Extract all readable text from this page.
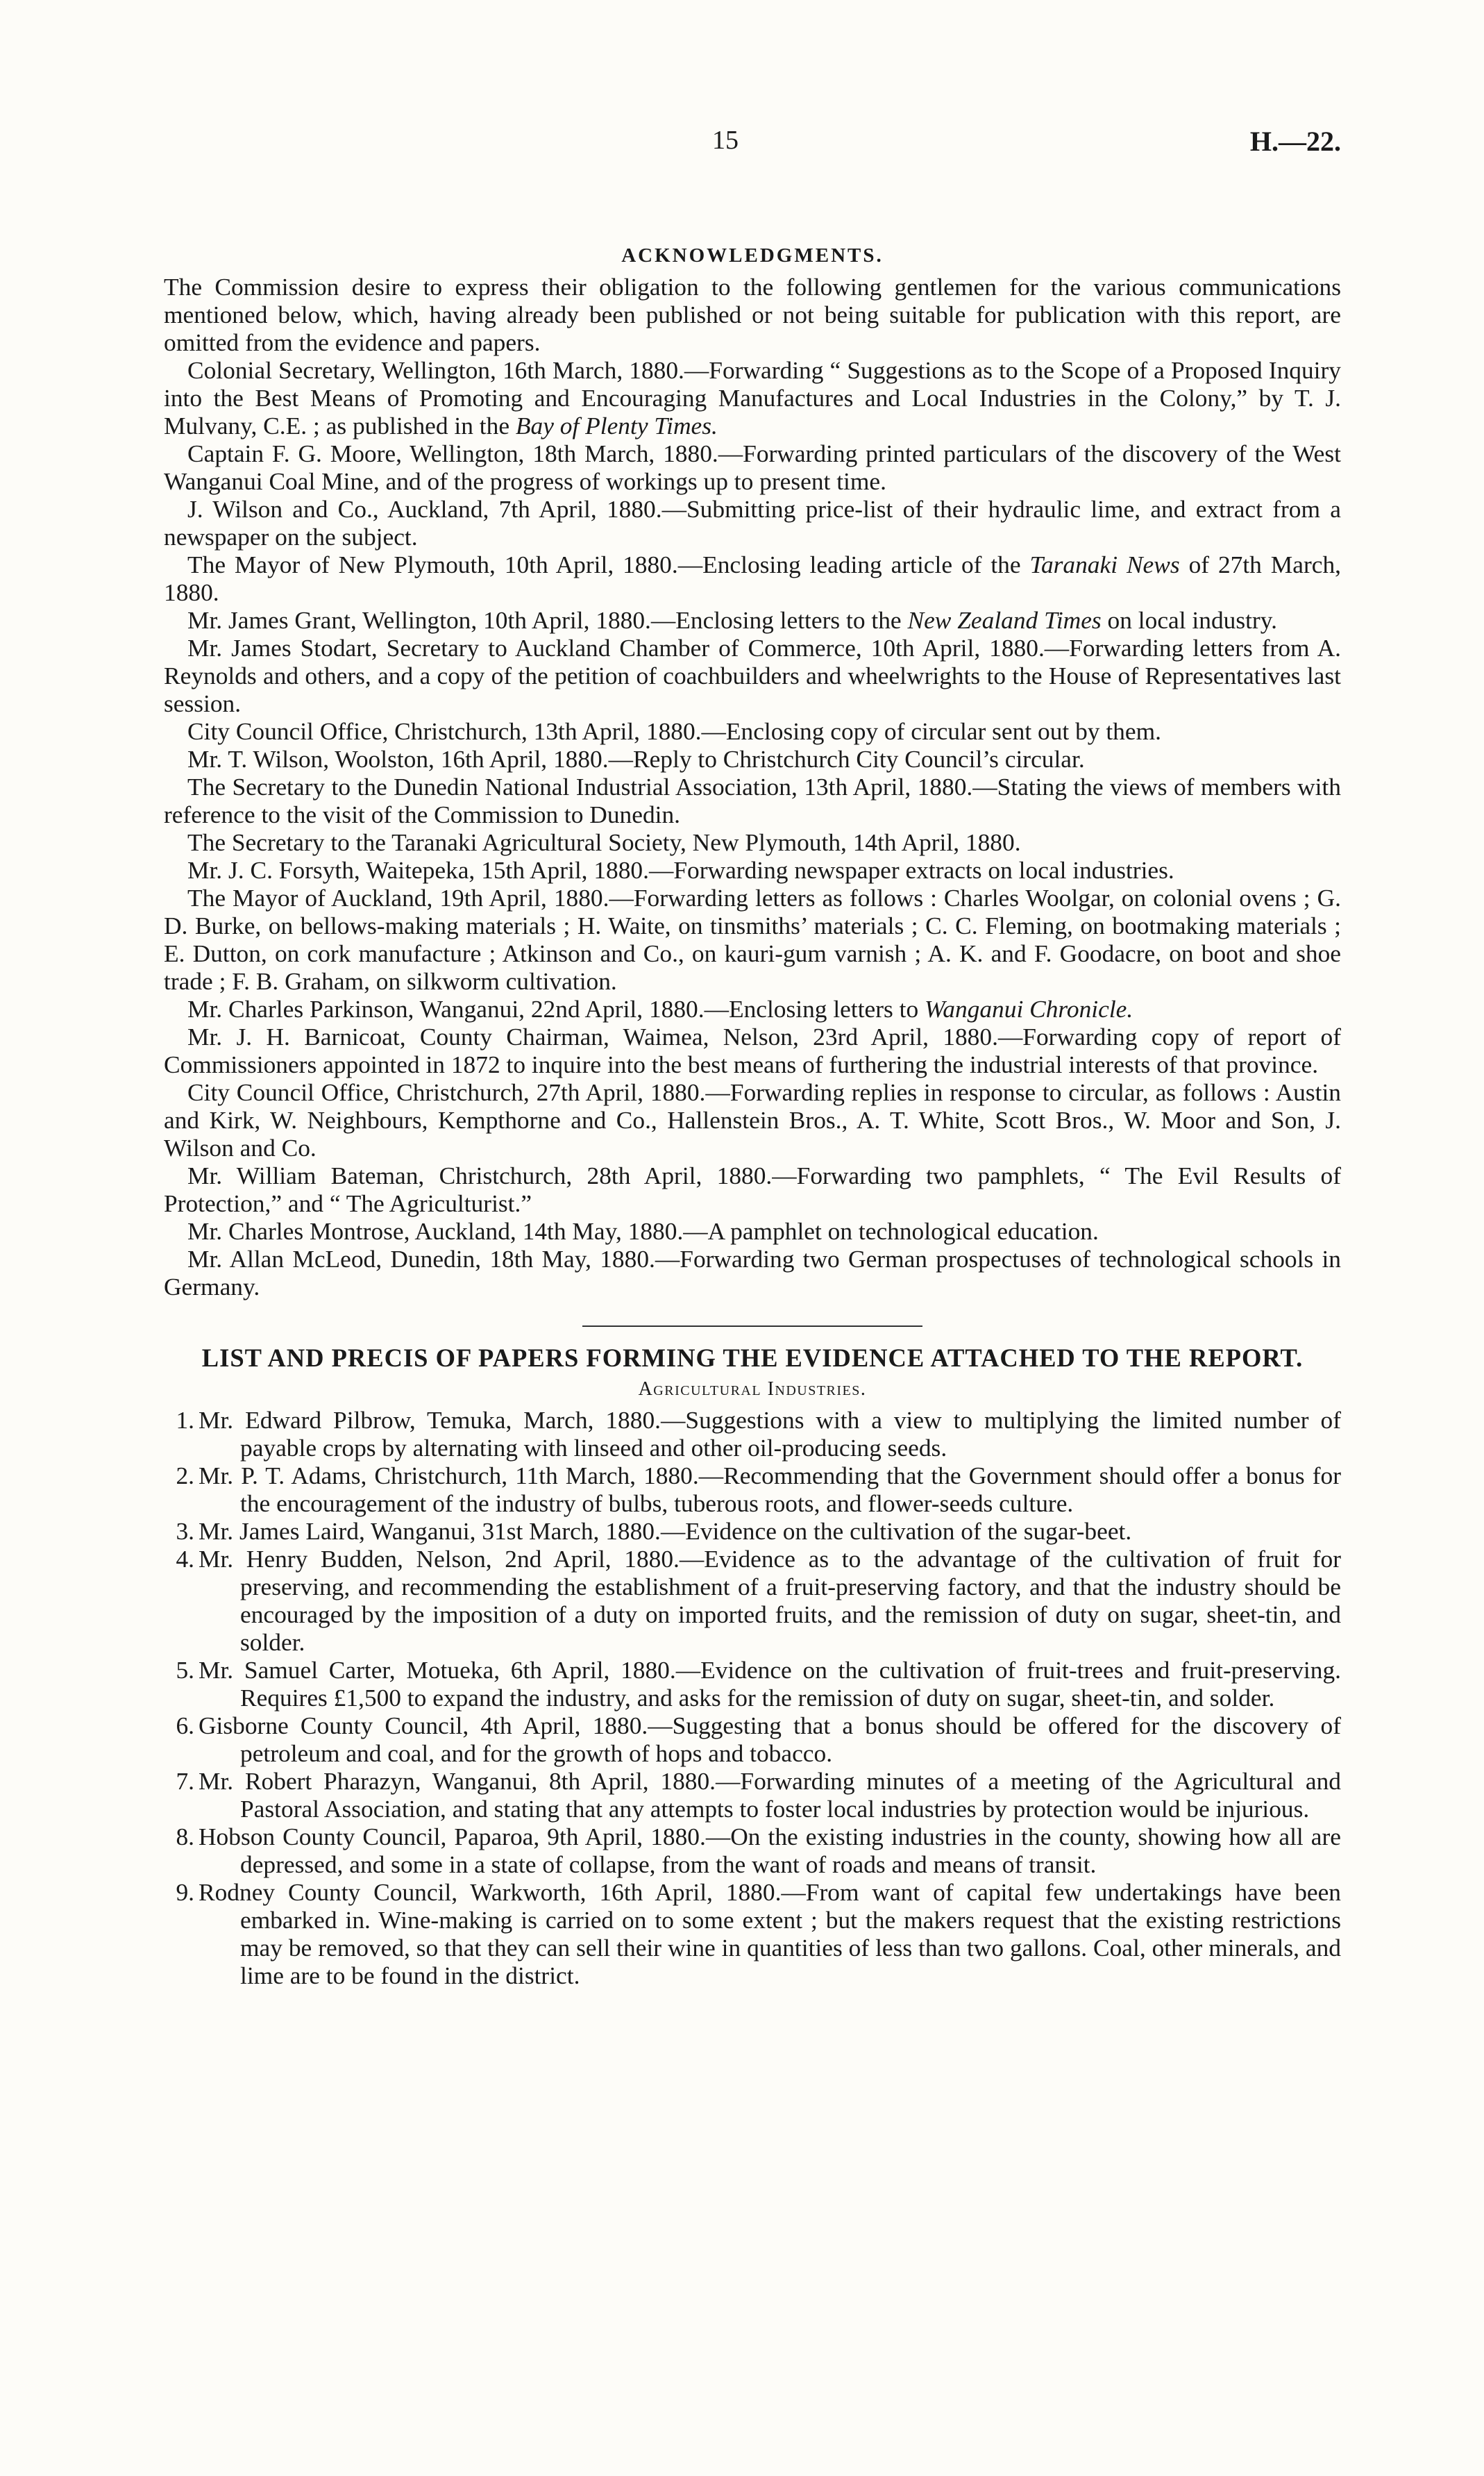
15	H.—22.
ACKNOWLEDGMENTS.

The Commission desire to express their obligation to the following gentlemen for the various communications mentioned below, which, having already been published or not being suitable for publication with this report, are omitted from the evidence and papers.

Colonial Secretary, Wellington, 16th March, 1880.—Forwarding “ Suggestions as to the Scope of a Proposed Inquiry into the Best Means of Promoting and Encouraging Manufactures and Local Industries in the Colony,” by T. J. Mulvany, C.E. ; as published in the Bay of Plenty Times.

Captain F. G. Moore, Wellington, 18th March, 1880.—Forwarding printed particulars of the discovery of the West Wanganui Coal Mine, and of the progress of workings up to present time.

J. Wilson and Co., Auckland, 7th April, 1880.—Submitting price-list of their hydraulic lime, and extract from a newspaper on the subject.

The Mayor of New Plymouth, 10th April, 1880.—Enclosing leading article of the Taranaki News of 27th March, 1880.

Mr. James Grant, Wellington, 10th April, 1880.—Enclosing letters to the New Zealand Times on local industry.

Mr. James Stodart, Secretary to Auckland Chamber of Commerce, 10th April, 1880.—Forwarding letters from A. Reynolds and others, and a copy of the petition of coachbuilders and wheelwrights to the House of Representatives last session.

City Council Office, Christchurch, 13th April, 1880.—Enclosing copy of circular sent out by them.

Mr. T. Wilson, Woolston, 16th April, 1880.—Reply to Christchurch City Council’s circular.

The Secretary to the Dunedin National Industrial Association, 13th April, 1880.—Stating the views of members with reference to the visit of the Commission to Dunedin.

The Secretary to the Taranaki Agricultural Society, New Plymouth, 14th April, 1880.

Mr. J. C. Forsyth, Waitepeka, 15th April, 1880.—Forwarding newspaper extracts on local industries.

The Mayor of Auckland, 19th April, 1880.—Forwarding letters as follows : Charles Woolgar, on colonial ovens ; G. D. Burke, on bellows-making materials ; H. Waite, on tinsmiths’ materials ; C. C. Fleming, on bootmaking materials ; E. Dutton, on cork manufacture ; Atkinson and Co., on kauri-gum varnish ; A. K. and F. Goodacre, on boot and shoe trade ; F. B. Graham, on silkworm cultivation.

Mr. Charles Parkinson, Wanganui, 22nd April, 1880.—Enclosing letters to Wanganui Chronicle.

Mr. J. H. Barnicoat, County Chairman, Waimea, Nelson, 23rd April, 1880.—Forwarding copy of report of Commissioners appointed in 1872 to inquire into the best means of furthering the industrial interests of that province.

City Council Office, Christchurch, 27th April, 1880.—Forwarding replies in response to circular, as follows : Austin and Kirk, W. Neighbours, Kempthorne and Co., Hallenstein Bros., A. T. White, Scott Bros., W. Moor and Son, J. Wilson and Co.

Mr. William Bateman, Christchurch, 28th April, 1880.—Forwarding two pamphlets, “ The Evil Results of Protection,” and “ The Agriculturist.”

Mr. Charles Montrose, Auckland, 14th May, 1880.—A pamphlet on technological education.

Mr. Allan McLeod, Dunedin, 18th May, 1880.—Forwarding two German prospectuses of technological schools in Germany.

LIST AND PRECIS OF PAPERS FORMING THE EVIDENCE ATTACHED TO THE REPORT.
Agricultural Industries.
1. Mr. Edward Pilbrow, Temuka, March, 1880.—Suggestions with a view to multiplying the limited number of payable crops by alternating with linseed and other oil-producing seeds.
2. Mr. P. T. Adams, Christchurch, 11th March, 1880.—Recommending that the Government should offer a bonus for the encouragement of the industry of bulbs, tuberous roots, and flower-seeds culture.
3. Mr. James Laird, Wanganui, 31st March, 1880.—Evidence on the cultivation of the sugar-beet.
4. Mr. Henry Budden, Nelson, 2nd April, 1880.—Evidence as to the advantage of the cultivation of fruit for preserving, and recommending the establishment of a fruit-preserving factory, and that the industry should be encouraged by the imposition of a duty on imported fruits, and the remission of duty on sugar, sheet-tin, and solder.
5. Mr. Samuel Carter, Motueka, 6th April, 1880.—Evidence on the cultivation of fruit-trees and fruit-preserving. Requires £1,500 to expand the industry, and asks for the remission of duty on sugar, sheet-tin, and solder.
6. Gisborne County Council, 4th April, 1880.—Suggesting that a bonus should be offered for the discovery of petroleum and coal, and for the growth of hops and tobacco.
7. Mr. Robert Pharazyn, Wanganui, 8th April, 1880.—Forwarding minutes of a meeting of the Agricultural and Pastoral Association, and stating that any attempts to foster local industries by protection would be injurious.
8. Hobson County Council, Paparoa, 9th April, 1880.—On the existing industries in the county, showing how all are depressed, and some in a state of collapse, from the want of roads and means of transit.
9. Rodney County Council, Warkworth, 16th April, 1880.—From want of capital few undertakings have been embarked in. Wine-making is carried on to some extent ; but the makers request that the existing restrictions may be removed, so that they can sell their wine in quantities of less than two gallons. Coal, other minerals, and lime are to be found in the district.
